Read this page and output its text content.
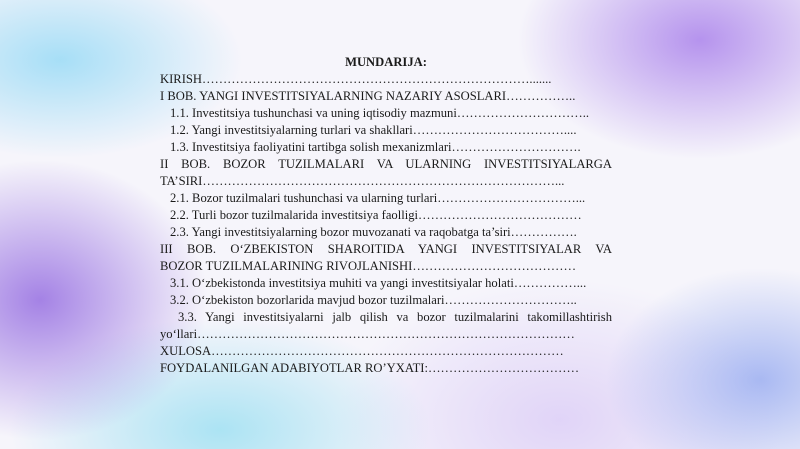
MUNDARIJA:
KIRISH…………………………………………………………………….......
I BOB. YANGI INVESTITSIYALARNING NAZARIY ASOSLARI……………..
1.1. Investitsiya tushunchasi va uning iqtisodiy mazmuni…………………………..
1.2. Yangi investitsiyalarning turlari va shakllari………………………………....
1.3. Investitsiya faoliyatini tartibga solish mexanizmlari………………………….
II BOB. BOZOR TUZILMALARI VA ULARNING INVESTITSIYALARGA
TA’SIRI…………………………………………………………………………...
2.1. Bozor tuzilmalari tushunchasi va ularning turlari……………………………...
2.2. Turli bozor tuzilmalarida investitsiya faolligi…………………………………
2.3. Yangi investitsiyalarning bozor muvozanati va raqobatga ta’siri…………….
III BOB. O‘ZBEKISTON SHAROITIDA YANGI INVESTITSIYALAR VA
BOZOR TUZILMALARINING RIVOJLANISHI…………………………………
3.1. O‘zbekistonda investitsiya muhiti va yangi investitsiyalar holati……………...
3.2. O‘zbekiston bozorlarida mavjud bozor tuzilmalari…………………………..
3.3. Yangi investitsiyalarni jalb qilish va bozor tuzilmalarini takomillashtirish
yo‘llari………………………………………………………………………………
XULOSA…………………………………………………………………………
FOYDALANILGAN ADABIYOTLAR RO’YXATI:………………………………
